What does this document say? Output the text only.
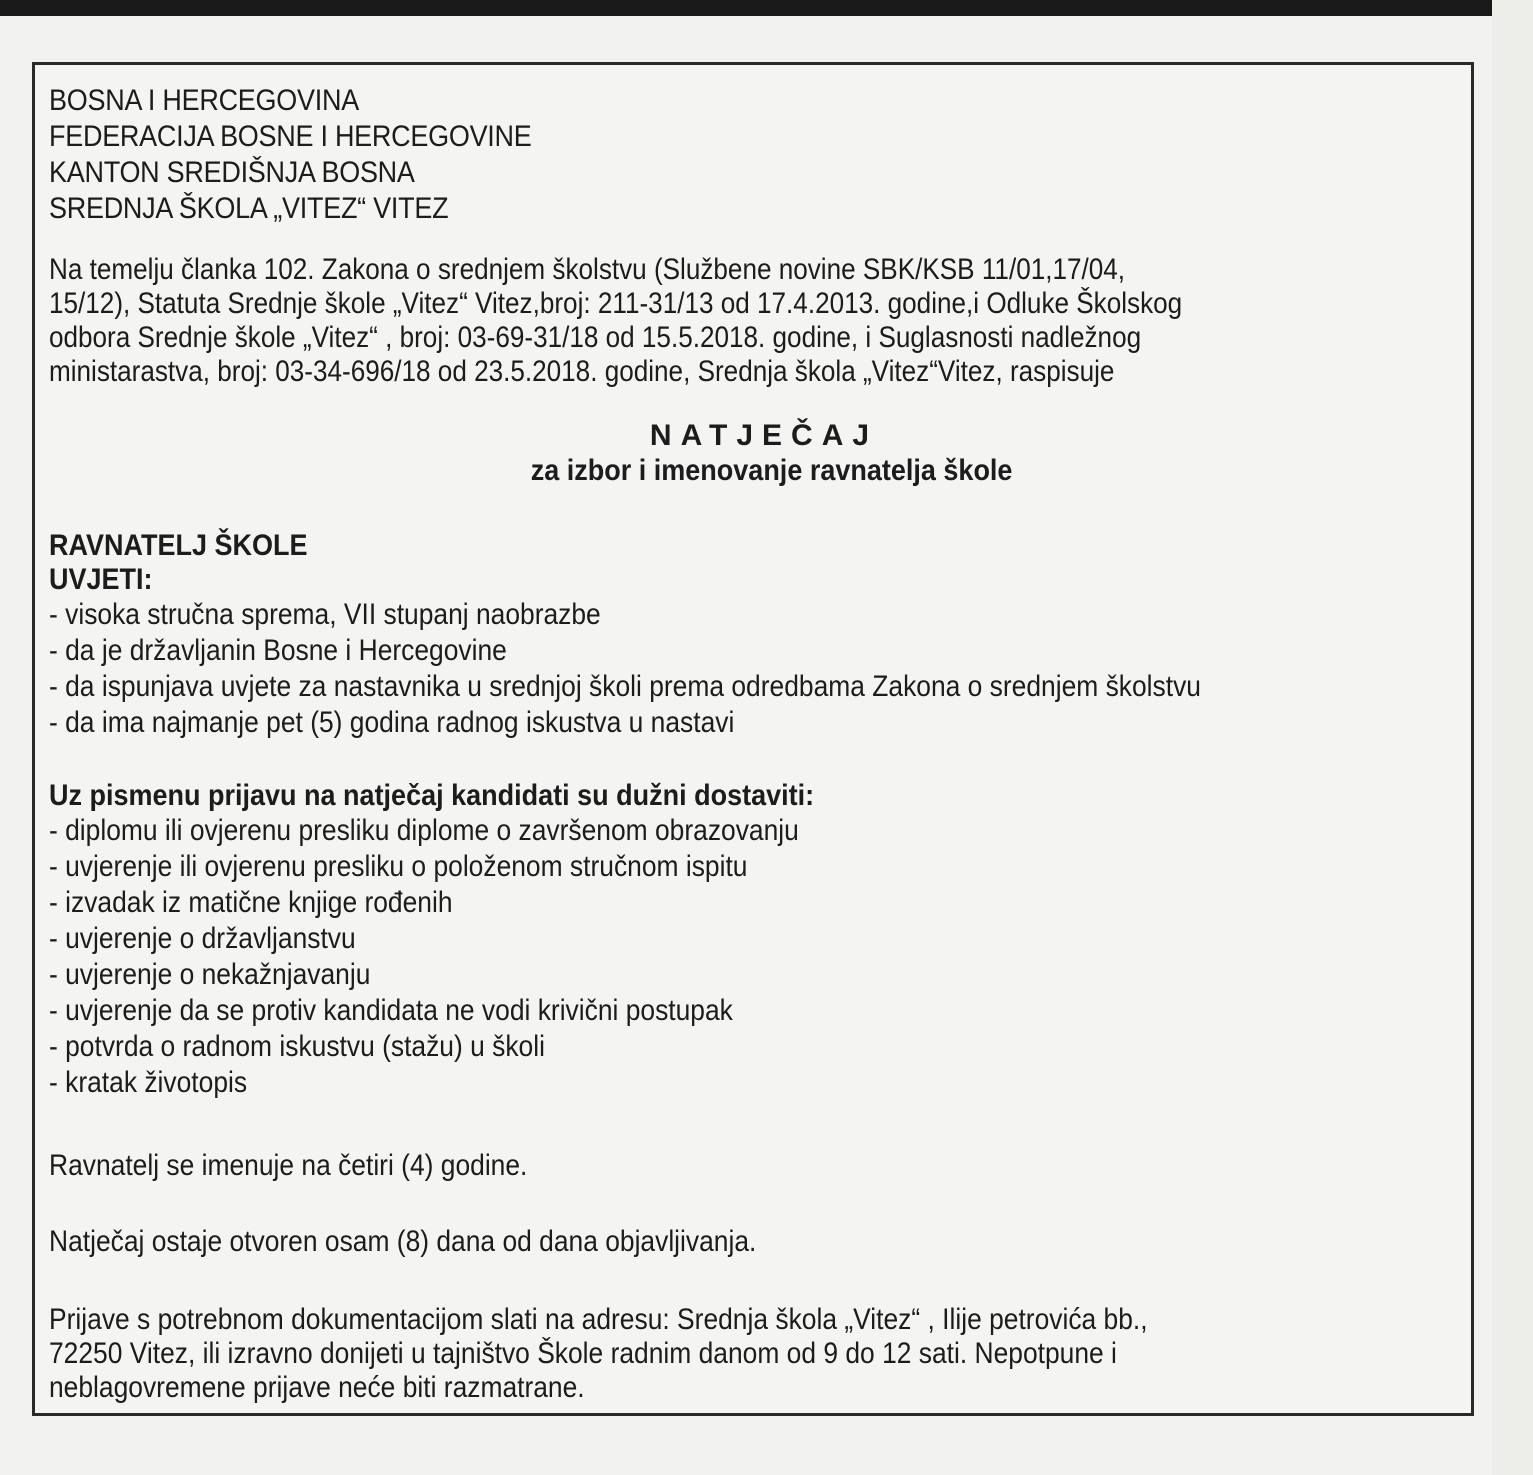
BOSNA I HERCEGOVINA
FEDERACIJA BOSNE I HERCEGOVINE
KANTON SREDIŠNJA BOSNA
SREDNJA ŠKOLA „VITEZ“ VITEZ
Na temelju članka 102. Zakona o srednjem školstvu (Službene novine SBK/KSB 11/01,17/04,
15/12), Statuta Srednje škole „Vitez“ Vitez,broj: 211-31/13 od 17.4.2013. godine,i Odluke Školskog
odbora Srednje škole „Vitez“ , broj: 03-69-31/18 od 15.5.2018. godine, i Suglasnosti nadležnog
ministarastva, broj: 03-34-696/18 od 23.5.2018. godine, Srednja škola „Vitez“Vitez, raspisuje
NATJEČAJ
za izbor i imenovanje ravnatelja škole
RAVNATELJ ŠKOLE
UVJETI:
- visoka stručna sprema, VII stupanj naobrazbe
- da je državljanin Bosne i Hercegovine
- da ispunjava uvjete za nastavnika u srednjoj školi prema odredbama Zakona o srednjem školstvu
- da ima najmanje pet (5) godina radnog iskustva u nastavi
Uz pismenu prijavu na natječaj kandidati su dužni dostaviti:
- diplomu ili ovjerenu presliku diplome o završenom obrazovanju
- uvjerenje ili ovjerenu presliku o položenom stručnom ispitu
- izvadak iz matične knjige rođenih
- uvjerenje o državljanstvu
- uvjerenje o nekažnjavanju
- uvjerenje da se protiv kandidata ne vodi krivični postupak
- potvrda o radnom iskustvu (stažu) u školi
- kratak životopis
Ravnatelj se imenuje na četiri (4) godine.
Natječaj ostaje otvoren osam (8) dana od dana objavljivanja.
Prijave s potrebnom dokumentacijom slati na adresu: Srednja škola „Vitez“ , Ilije petrovića bb.,
72250 Vitez, ili izravno donijeti u tajništvo Škole radnim danom od 9 do 12 sati. Nepotpune i
neblagovremene prijave neće biti razmatrane.
